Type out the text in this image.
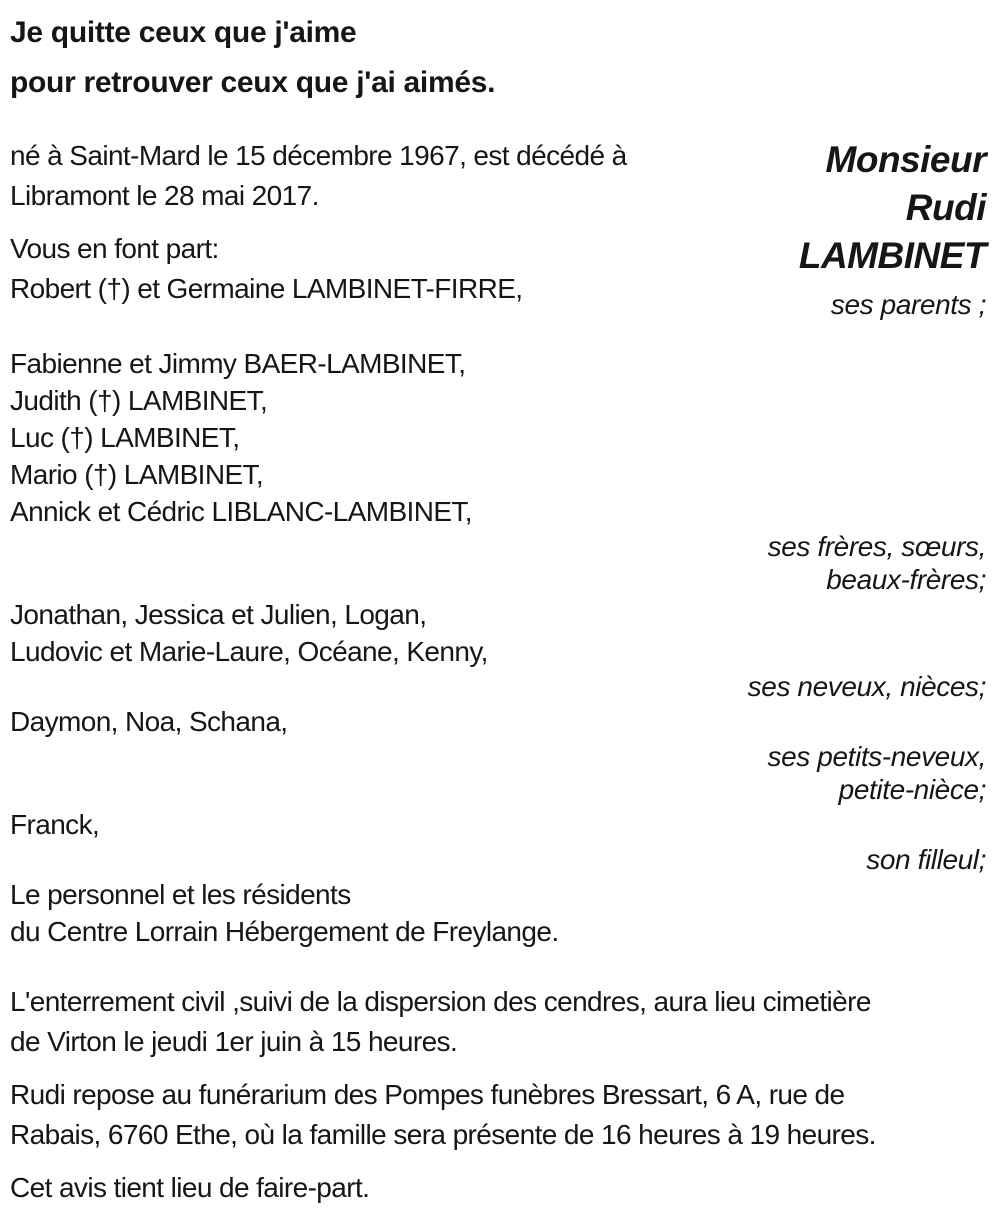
Je quitte ceux que j'aime

pour retrouver ceux que j'ai aimés.

né à Saint-Mard le 15 décembre 1967, est décédé à

Libramont le 28 mai 2017.

Vous en font part:

Robert (†) et Germaine LAMBINET-FIRRE,

Monsieur

Rudi

LAMBINET

ses parents ;

Fabienne et Jimmy BAER-LAMBINET,

Judith (†) LAMBINET,

Luc (†) LAMBINET,

Mario (†) LAMBINET,

Annick et Cédric LIBLANC-LAMBINET,

ses frères, sœurs,

beaux-frères;

Jonathan, Jessica et Julien, Logan,

Ludovic et Marie-Laure, Océane, Kenny,

ses neveux, nièces;

Daymon, Noa, Schana,

ses petits-neveux,

petite-nièce;

Franck,

son filleul;

Le personnel et les résidents

du Centre Lorrain Hébergement de Freylange.

L'enterrement civil ,suivi de la dispersion des cendres, aura lieu cimetière

de Virton le jeudi 1er juin à 15 heures.

Rudi repose au funérarium des Pompes funèbres Bressart, 6 A, rue de

Rabais, 6760 Ethe, où la famille sera présente de 16 heures à 19 heures.

Cet avis tient lieu de faire-part.
